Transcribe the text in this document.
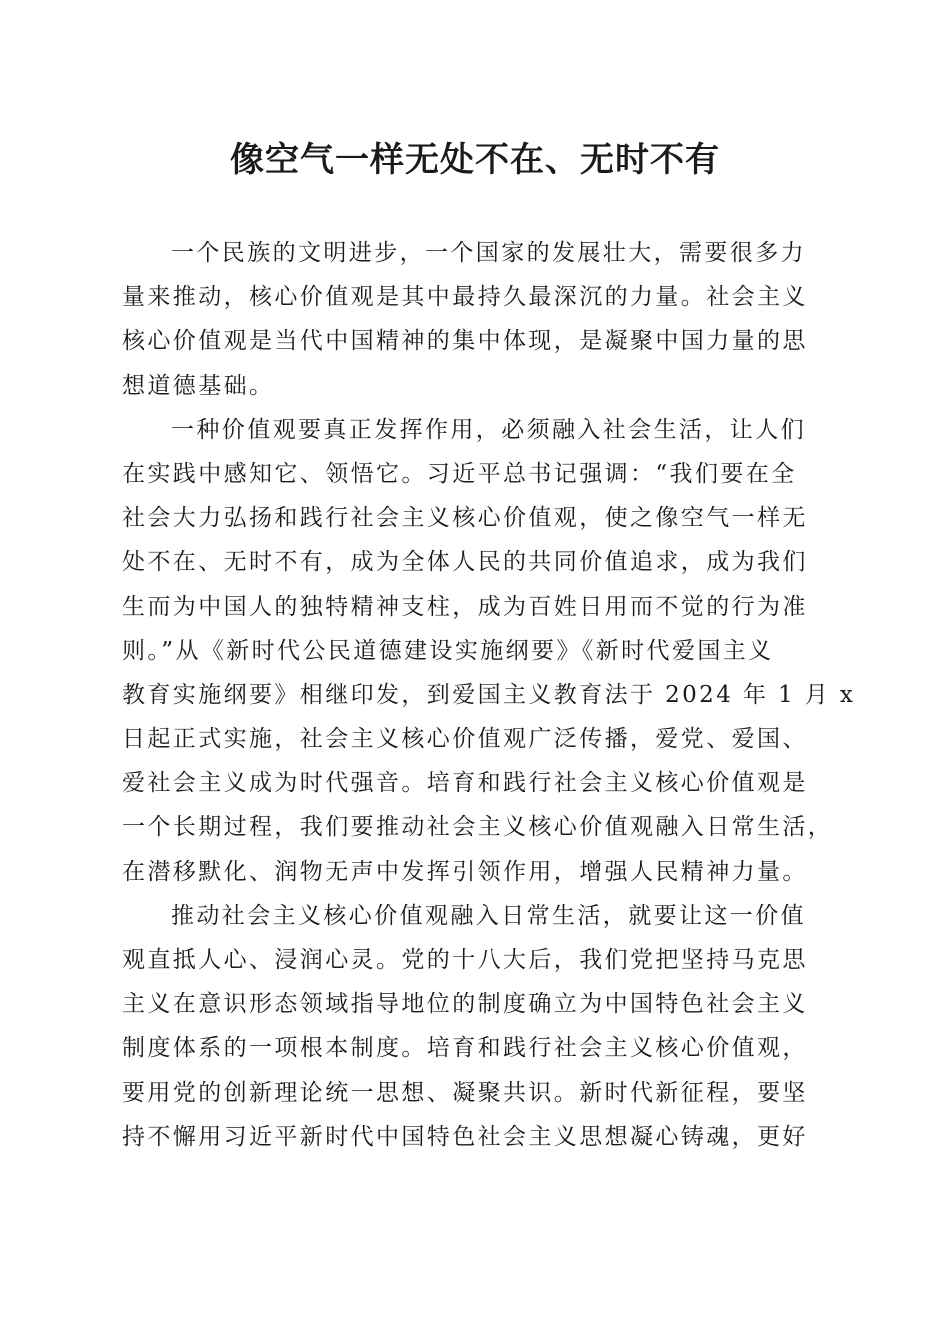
像空气一样无处不在、无时不有

一个民族的文明进步，一个国家的发展壮大，需要很多力

量来推动，核心价值观是其中最持久最深沉的力量。社会主义

核心价值观是当代中国精神的集中体现，是凝聚中国力量的思

想道德基础。

一种价值观要真正发挥作用，必须融入社会生活，让人们

在实践中感知它、领悟它。习近平总书记强调：“我们要在全

社会大力弘扬和践行社会主义核心价值观，使之像空气一样无

处不在、无时不有，成为全体人民的共同价值追求，成为我们

生而为中国人的独特精神支柱，成为百姓日用而不觉的行为准

则。”从《新时代公民道德建设实施纲要》《新时代爱国主义

教育实施纲要》相继印发，到爱国主义教育法于 2024 年 1 月 x

日起正式实施，社会主义核心价值观广泛传播，爱党、爱国、

爱社会主义成为时代强音。培育和践行社会主义核心价值观是

一个长期过程，我们要推动社会主义核心价值观融入日常生活，

在潜移默化、润物无声中发挥引领作用，增强人民精神力量。

推动社会主义核心价值观融入日常生活，就要让这一价值

观直抵人心、浸润心灵。党的十八大后，我们党把坚持马克思

主义在意识形态领域指导地位的制度确立为中国特色社会主义

制度体系的一项根本制度。培育和践行社会主义核心价值观，

要用党的创新理论统一思想、凝聚共识。新时代新征程，要坚

持不懈用习近平新时代中国特色社会主义思想凝心铸魂，更好
